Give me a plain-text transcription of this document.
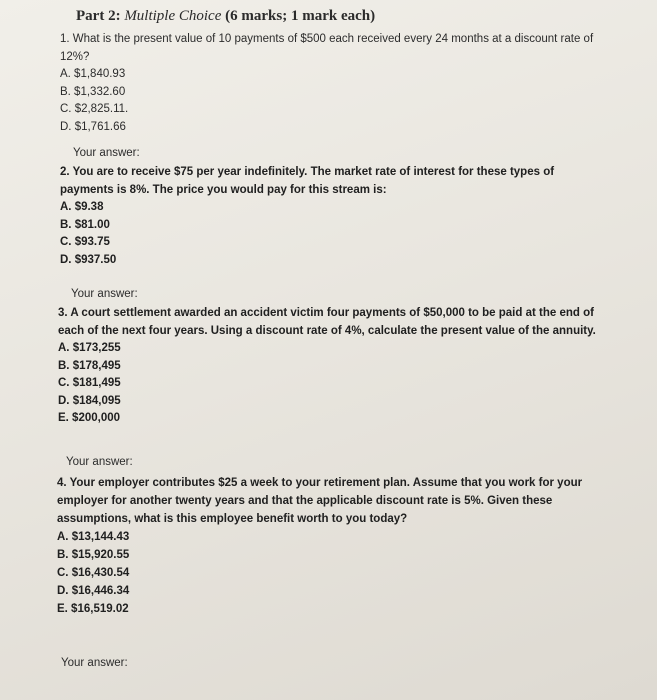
Part 2: Multiple Choice (6 marks; 1 mark each)
1. What is the present value of 10 payments of $500 each received every 24 months at a discount rate of 12%?
A. $1,840.93
B. $1,332.60
C. $2,825.11.
D. $1,761.66
Your answer:
2. You are to receive $75 per year indefinitely. The market rate of interest for these types of payments is 8%. The price you would pay for this stream is:
A. $9.38
B. $81.00
C. $93.75
D. $937.50
Your answer:
3. A court settlement awarded an accident victim four payments of $50,000 to be paid at the end of each of the next four years. Using a discount rate of 4%, calculate the present value of the annuity.
A. $173,255
B. $178,495
C. $181,495
D. $184,095
E. $200,000
Your answer:
4. Your employer contributes $25 a week to your retirement plan. Assume that you work for your employer for another twenty years and that the applicable discount rate is 5%. Given these assumptions, what is this employee benefit worth to you today?
A. $13,144.43
B. $15,920.55
C. $16,430.54
D. $16,446.34
E. $16,519.02
Your answer:
